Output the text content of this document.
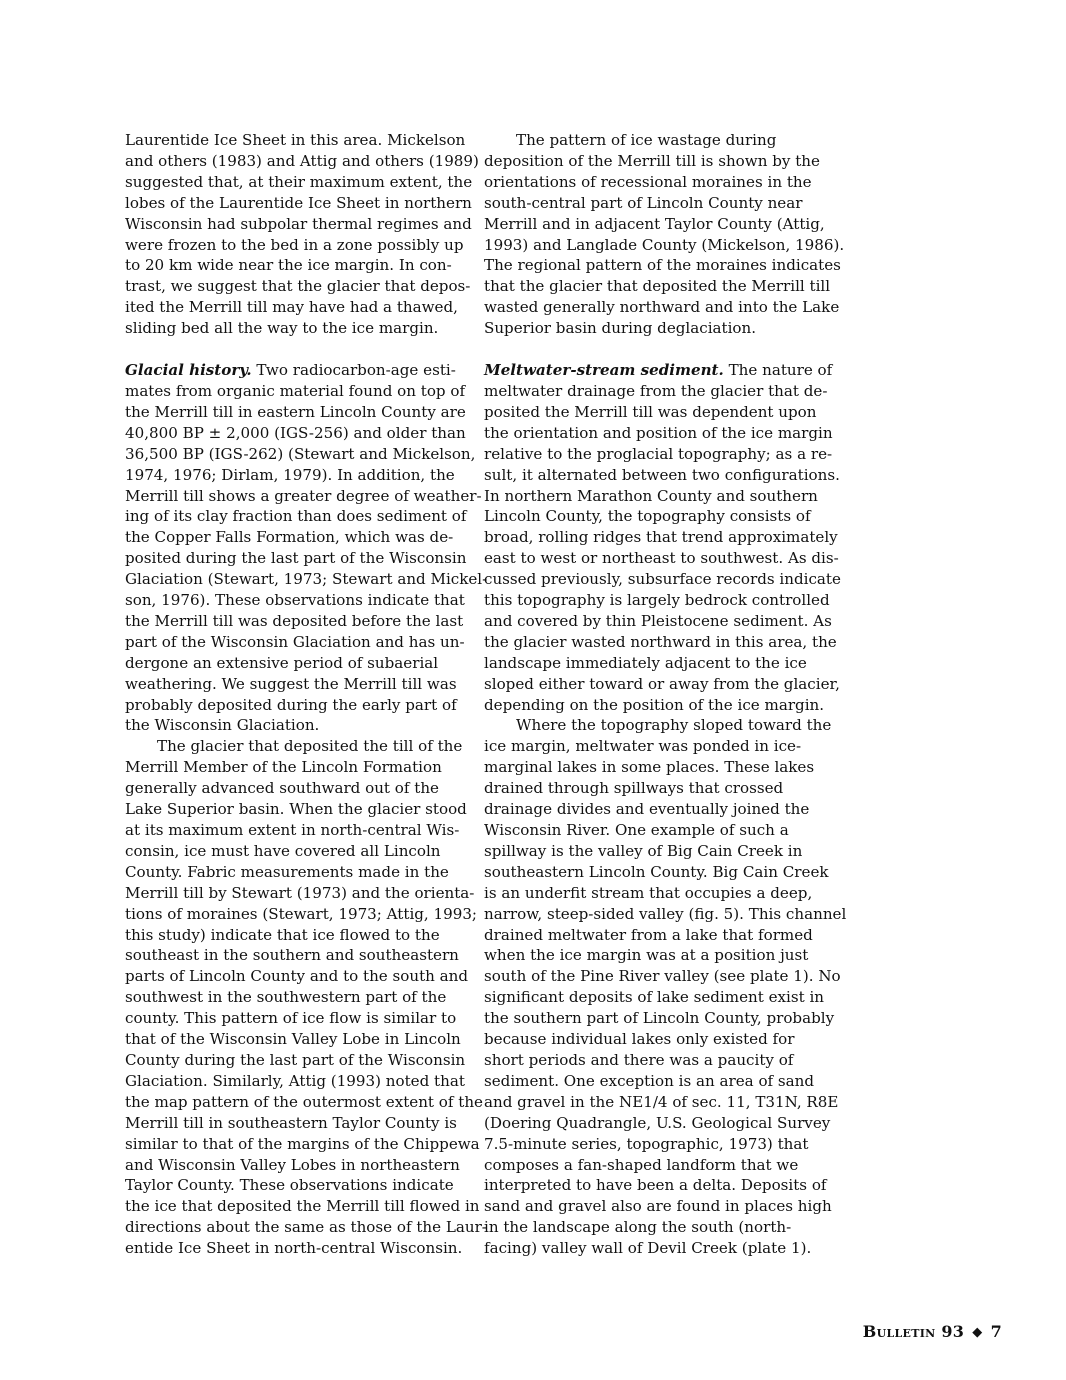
Laurentide Ice Sheet in this area. Mickelson
and others (1983) and Attig and others (1989)
suggested that, at their maximum extent, the
lobes of the Laurentide Ice Sheet in northern
Wisconsin had subpolar thermal regimes and
were frozen to the bed in a zone possibly up
to 20 km wide near the ice margin. In con-
trast, we suggest that the glacier that depos-
ited the Merrill till may have had a thawed,
sliding bed all the way to the ice margin.

Glacial history. Two radiocarbon-age esti-
mates from organic material found on top of
the Merrill till in eastern Lincoln County are
40,800 BP ± 2,000 (IGS-256) and older than
36,500 BP (IGS-262) (Stewart and Mickelson,
1974, 1976; Dirlam, 1979). In addition, the
Merrill till shows a greater degree of weather-
ing of its clay fraction than does sediment of
the Copper Falls Formation, which was de-
posited during the last part of the Wisconsin
Glaciation (Stewart, 1973; Stewart and Mickel-
son, 1976). These observations indicate that
the Merrill till was deposited before the last
part of the Wisconsin Glaciation and has un-
dergone an extensive period of subaerial
weathering. We suggest the Merrill till was
probably deposited during the early part of
the Wisconsin Glaciation.

The glacier that deposited the till of the
Merrill Member of the Lincoln Formation
generally advanced southward out of the
Lake Superior basin. When the glacier stood
at its maximum extent in north-central Wis-
consin, ice must have covered all Lincoln
County. Fabric measurements made in the
Merrill till by Stewart (1973) and the orienta-
tions of moraines (Stewart, 1973; Attig, 1993;
this study) indicate that ice flowed to the
southeast in the southern and southeastern
parts of Lincoln County and to the south and
southwest in the southwestern part of the
county. This pattern of ice flow is similar to
that of the Wisconsin Valley Lobe in Lincoln
County during the last part of the Wisconsin
Glaciation. Similarly, Attig (1993) noted that
the map pattern of the outermost extent of the
Merrill till in southeastern Taylor County is
similar to that of the margins of the Chippewa
and Wisconsin Valley Lobes in northeastern
Taylor County. These observations indicate
the ice that deposited the Merrill till flowed in
directions about the same as those of the Laur-
entide Ice Sheet in north-central Wisconsin.

The pattern of ice wastage during
deposition of the Merrill till is shown by the
orientations of recessional moraines in the
south-central part of Lincoln County near
Merrill and in adjacent Taylor County (Attig,
1993) and Langlade County (Mickelson, 1986).
The regional pattern of the moraines indicates
that the glacier that deposited the Merrill till
wasted generally northward and into the Lake
Superior basin during deglaciation.

Meltwater-stream sediment. The nature of
meltwater drainage from the glacier that de-
posited the Merrill till was dependent upon
the orientation and position of the ice margin
relative to the proglacial topography; as a re-
sult, it alternated between two configurations.
In northern Marathon County and southern
Lincoln County, the topography consists of
broad, rolling ridges that trend approximately
east to west or northeast to southwest. As dis-
cussed previously, subsurface records indicate
this topography is largely bedrock controlled
and covered by thin Pleistocene sediment. As
the glacier wasted northward in this area, the
landscape immediately adjacent to the ice
sloped either toward or away from the glacier,
depending on the position of the ice margin.

Where the topography sloped toward the
ice margin, meltwater was ponded in ice-
marginal lakes in some places. These lakes
drained through spillways that crossed
drainage divides and eventually joined the
Wisconsin River. One example of such a
spillway is the valley of Big Cain Creek in
southeastern Lincoln County. Big Cain Creek
is an underfit stream that occupies a deep,
narrow, steep-sided valley (fig. 5). This channel
drained meltwater from a lake that formed
when the ice margin was at a position just
south of the Pine River valley (see plate 1). No
significant deposits of lake sediment exist in
the southern part of Lincoln County, probably
because individual lakes only existed for
short periods and there was a paucity of
sediment. One exception is an area of sand
and gravel in the NE1/4 of sec. 11, T31N, R8E
(Doering Quadrangle, U.S. Geological Survey
7.5-minute series, topographic, 1973) that
composes a fan-shaped landform that we
interpreted to have been a delta. Deposits of
sand and gravel also are found in places high
in the landscape along the south (north-
facing) valley wall of Devil Creek (plate 1).

Bulletin 93 ◆ 7
